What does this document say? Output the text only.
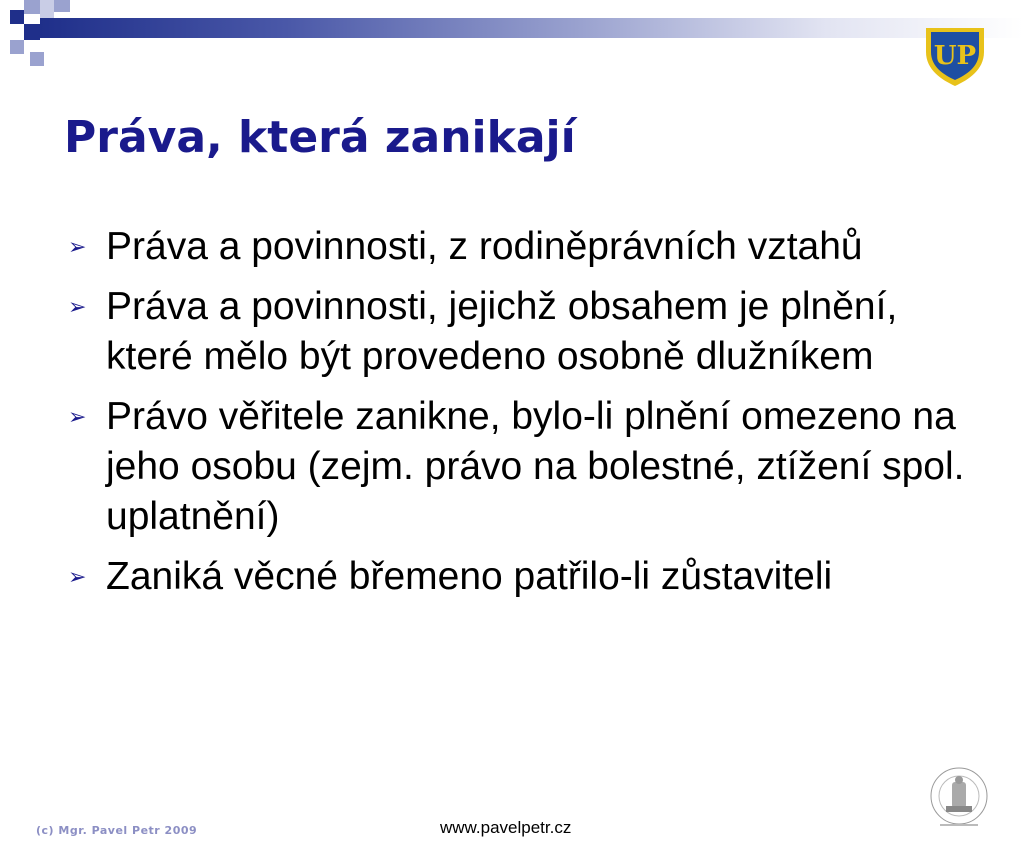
UP
Práva, která zanikají
➢ Práva a povinnosti, z rodiněprávních vztahů
➢ Práva a povinnosti, jejichž obsahem je plnění, které mělo být provedeno osobně dlužníkem
➢ Právo věřitele zanikne, bylo-li plnění omezeno na jeho osobu (zejm. právo na bolestné, ztížení spol. uplatnění)
➢ Zaniká věcné břemeno patřilo-li zůstaviteli
(c) Mgr. Pavel Petr 2009	www.pavelpetr.cz
